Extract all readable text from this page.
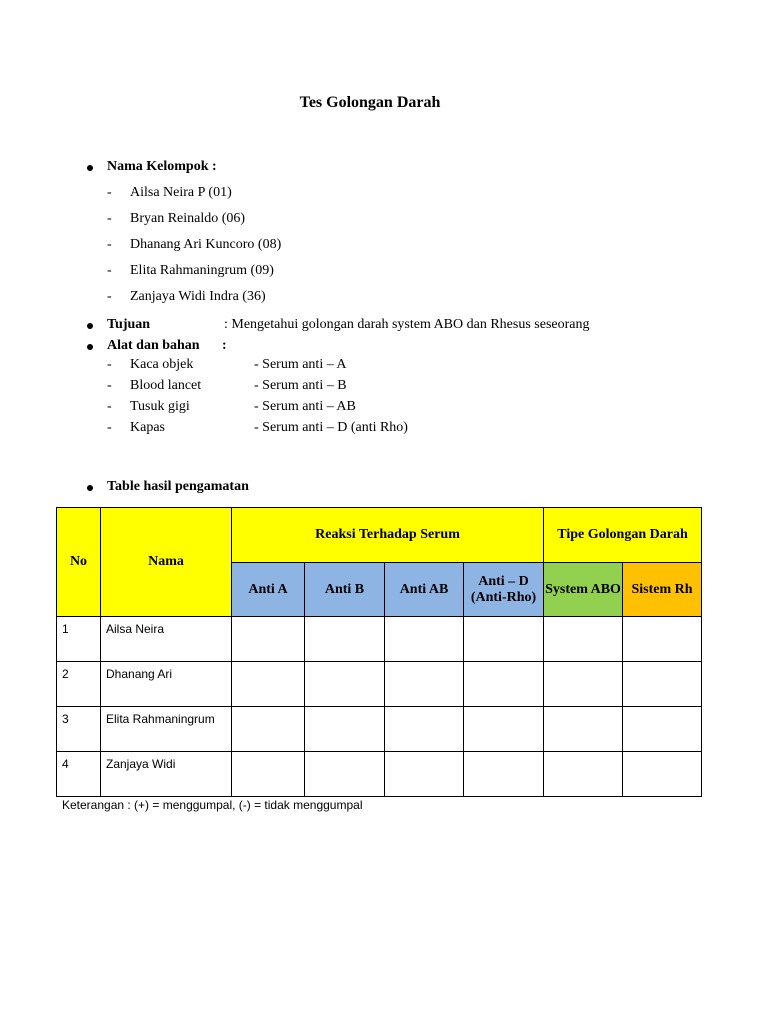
Tes Golongan Darah
Nama Kelompok :
- Ailsa Neira P (01)
- Bryan Reinaldo (06)
- Dhanang Ari Kuncoro (08)
- Elita Rahmaningrum (09)
- Zanjaya Widi Indra (36)
Tujuan	: Mengetahui golongan darah system ABO dan Rhesus seseorang
Alat dan bahan :
- Kaca objek	- Serum anti – A
- Blood lancet	- Serum anti – B
- Tusuk gigi	- Serum anti – AB
- Kapas	- Serum anti – D (anti Rho)
Table hasil pengamatan
No	Nama	Reaksi Terhadap Serum				Tipe Golongan Darah	
		Anti A	Anti B	Anti AB	Anti – D (Anti-Rho)	System ABO	Sistem Rh
1	Ailsa Neira						
2	Dhanang Ari						
3	Elita Rahmaningrum						
4	Zanjaya Widi						
Keterangan : (+) = menggumpal, (-) = tidak menggumpal
